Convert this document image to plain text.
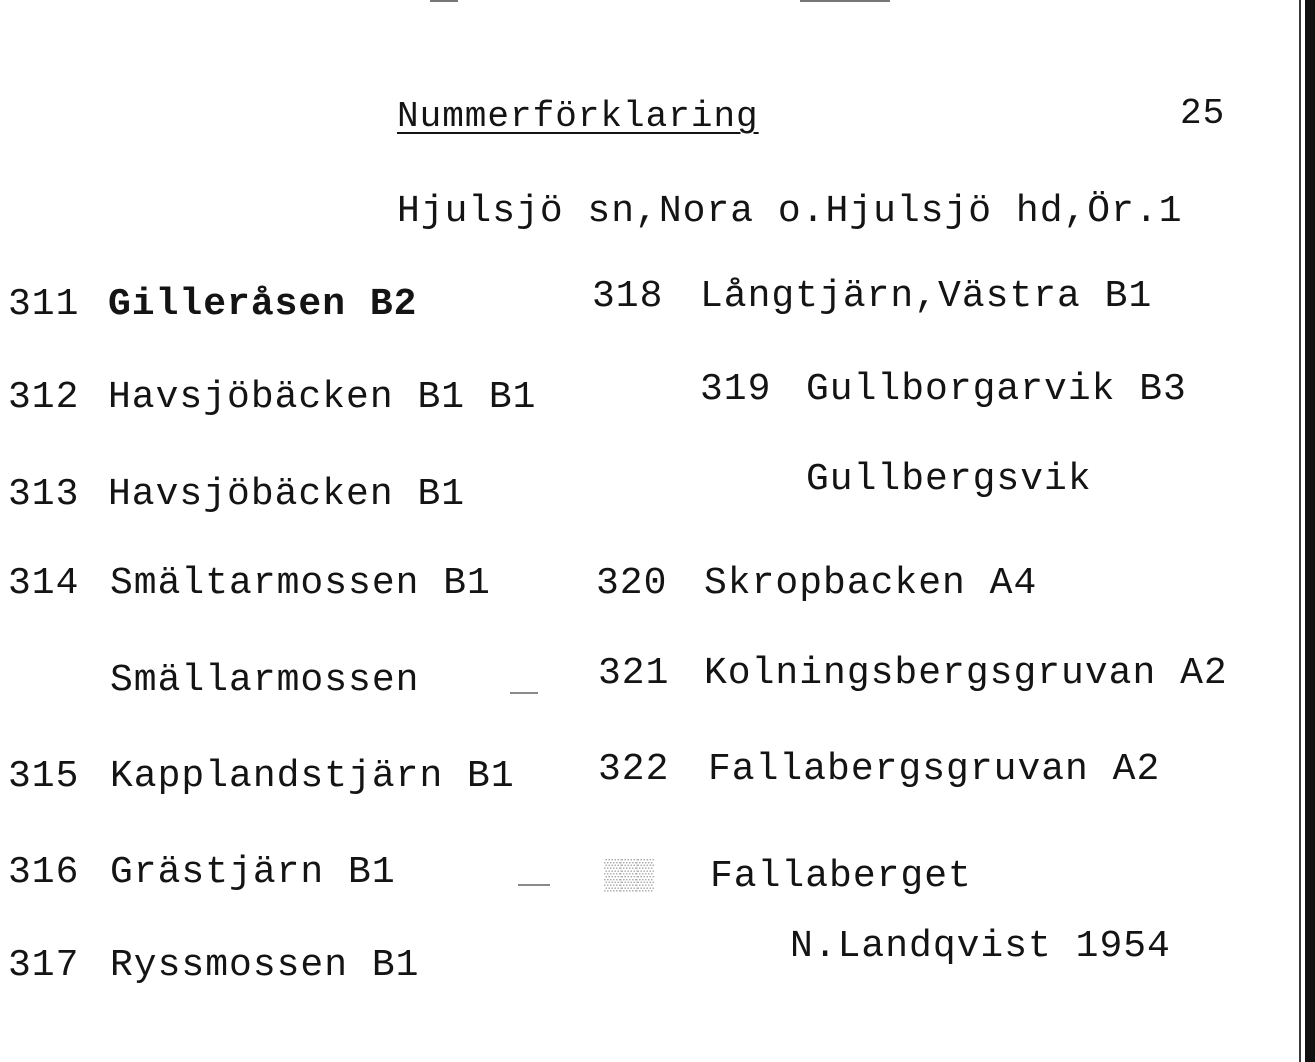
Nummerförklaring	25
Hjulsjö sn,Nora o.Hjulsjö hd,Ör.1
311 Gilleråsen B2
312 Havsjöbäcken B1 B1
313 Havsjöbäcken B1
314 Smältarmossen B1
Smällarmossen
315 Kapplandstjärn B1
316 Grästjärn B1
317 Ryssmossen B1
318 Långtjärn,Västra B1
319 Gullborgarvik B3
Gullbergsvik
320 Skropbacken A4
321 Kolningsbergsgruvan A2
322 Fallabergsgruvan A2
▒▒▒ Fallaberget
N.Landqvist 1954
